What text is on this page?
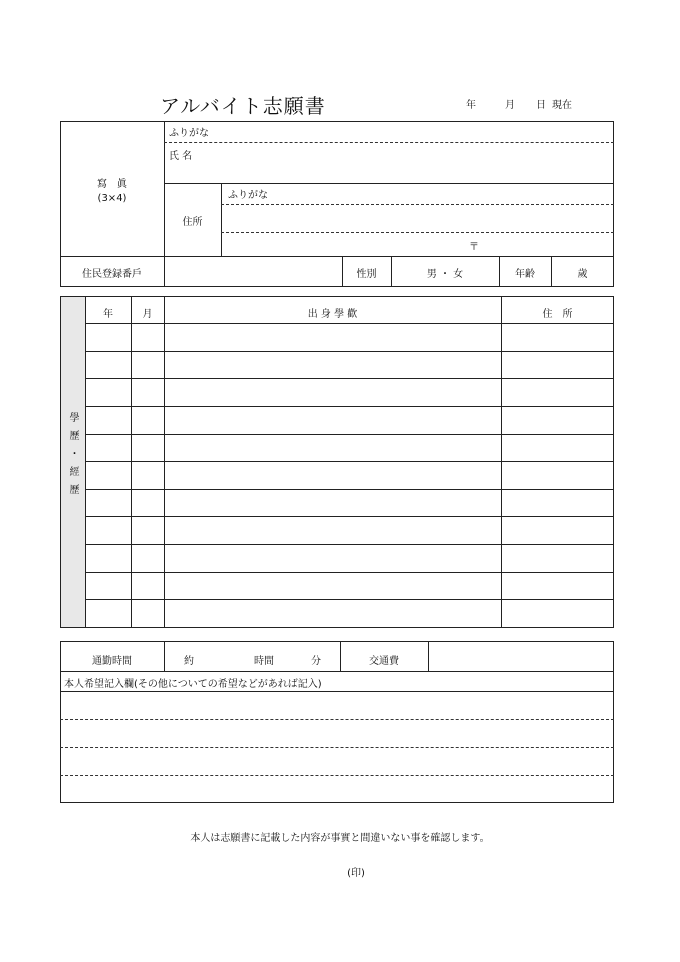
アルバイト志願書	年	月 日 現在
寫　眞
(3×4)
ふりがな
氏 名
住所
ふりがな
〒
住民登録番戶	性別	男 ・ 女	年齢	歲
學歷・經歷
年	月	出 身 學 歡	住　所
通勤時間	約	時間	分	交通費
本人希望記入欄(その他についての希望などがあれば記入)
本人は志願書に記載した内容が事實と間違いない事を確認します。
(印)
